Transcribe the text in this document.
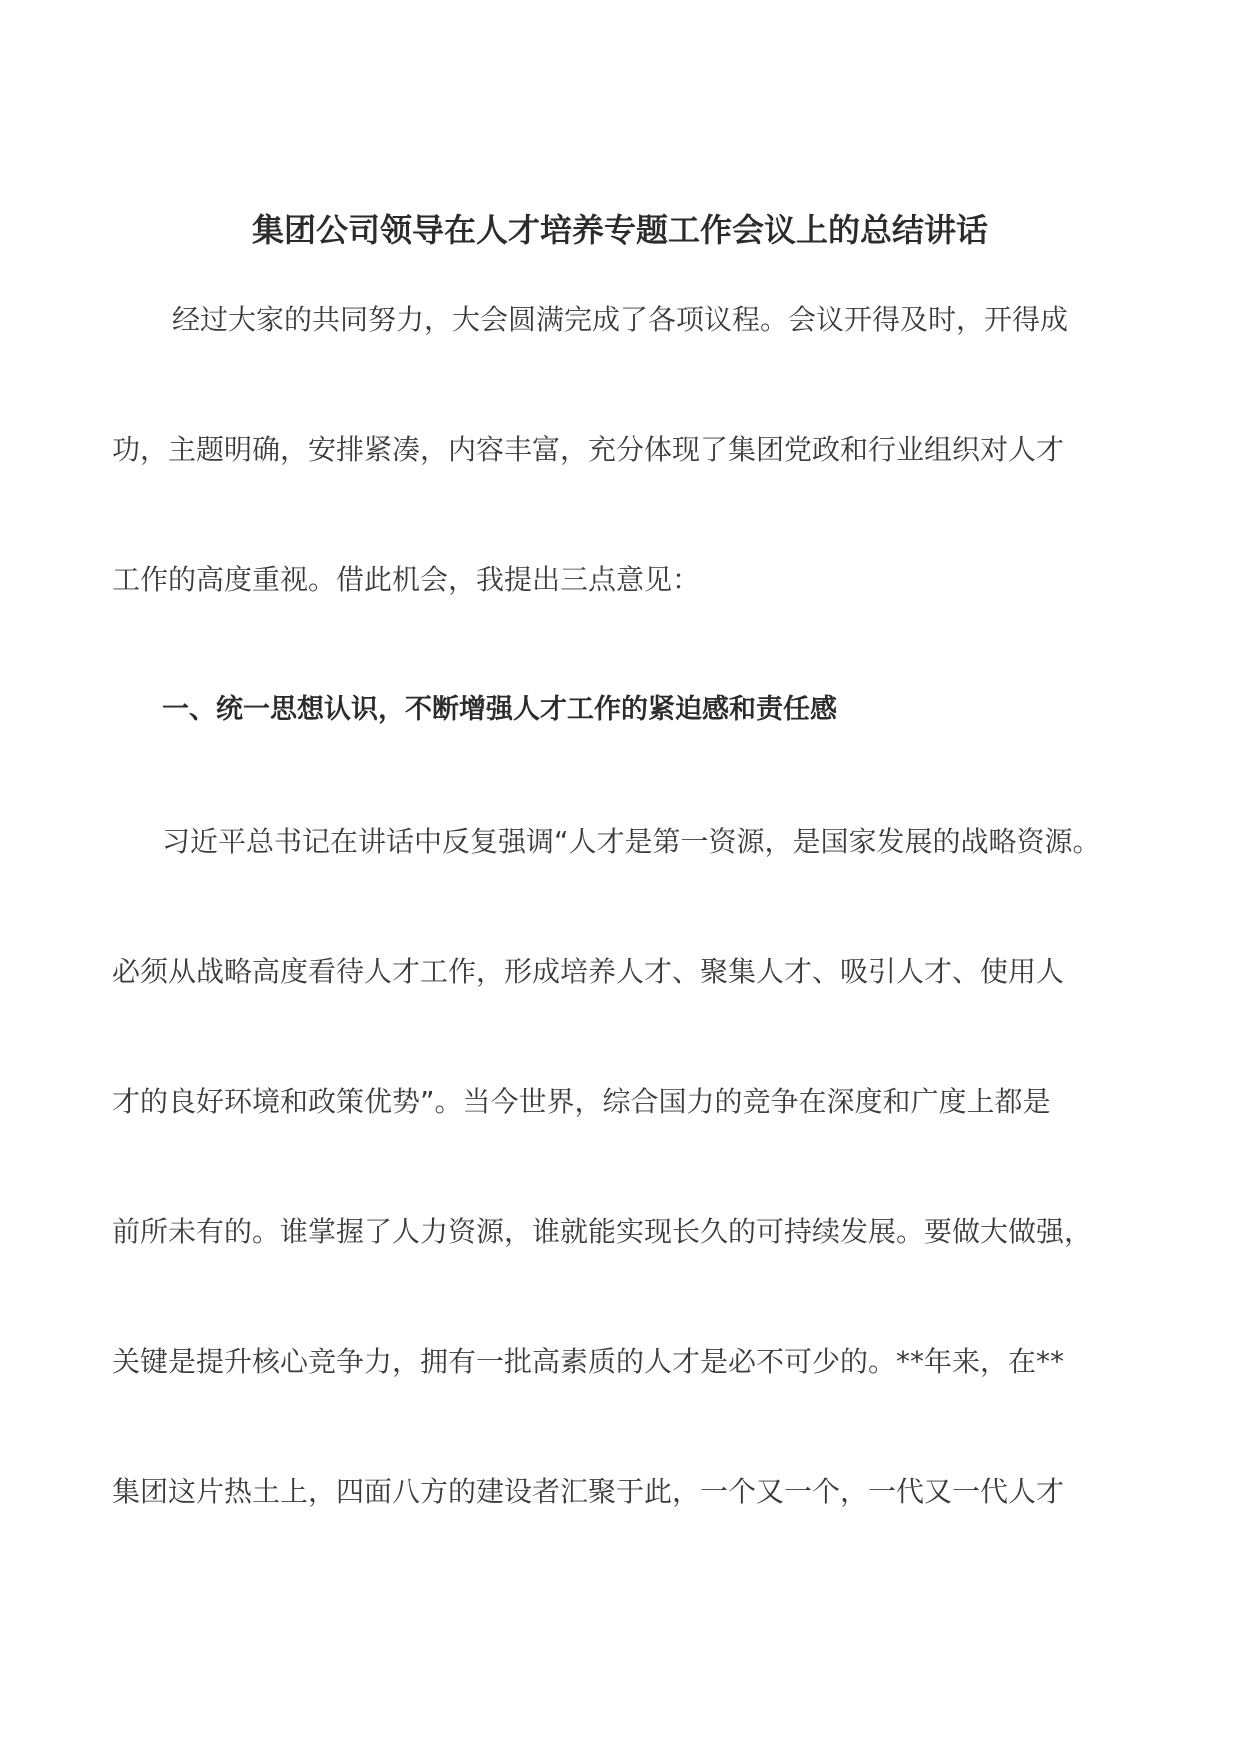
集团公司领导在人才培养专题工作会议上的总结讲话
经过大家的共同努力，大会圆满完成了各项议程。会议开得及时，开得成
功，主题明确，安排紧凑，内容丰富，充分体现了集团党政和行业组织对人才
工作的高度重视。借此机会，我提出三点意见：
一、统一思想认识，不断增强人才工作的紧迫感和责任感
习近平总书记在讲话中反复强调“人才是第一资源，是国家发展的战略资源。
必须从战略高度看待人才工作，形成培养人才、聚集人才、吸引人才、使用人
才的良好环境和政策优势”。当今世界，综合国力的竞争在深度和广度上都是
前所未有的。谁掌握了人力资源，谁就能实现长久的可持续发展。要做大做强，
关键是提升核心竞争力，拥有一批高素质的人才是必不可少的。**年来，在**
集团这片热土上，四面八方的建设者汇聚于此，一个又一个，一代又一代人才
